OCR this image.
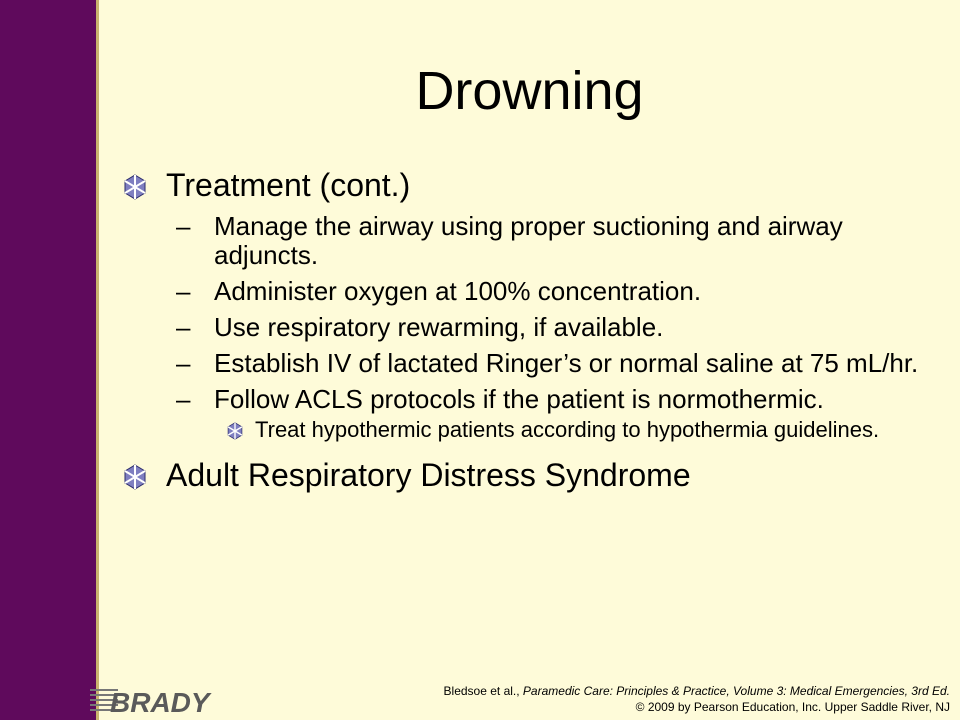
Drowning
Treatment (cont.)
– Manage the airway using proper suctioning and airway adjuncts.
– Administer oxygen at 100% concentration.
– Use respiratory rewarming, if available.
– Establish IV of lactated Ringer’s or normal saline at 75 mL/hr.
– Follow ACLS protocols if the patient is normothermic.
Treat hypothermic patients according to hypothermia guidelines.
Adult Respiratory Distress Syndrome
BRADY	Bledsoe et al., Paramedic Care: Principles & Practice, Volume 3: Medical Emergencies, 3rd Ed.
© 2009 by Pearson Education, Inc. Upper Saddle River, NJ
